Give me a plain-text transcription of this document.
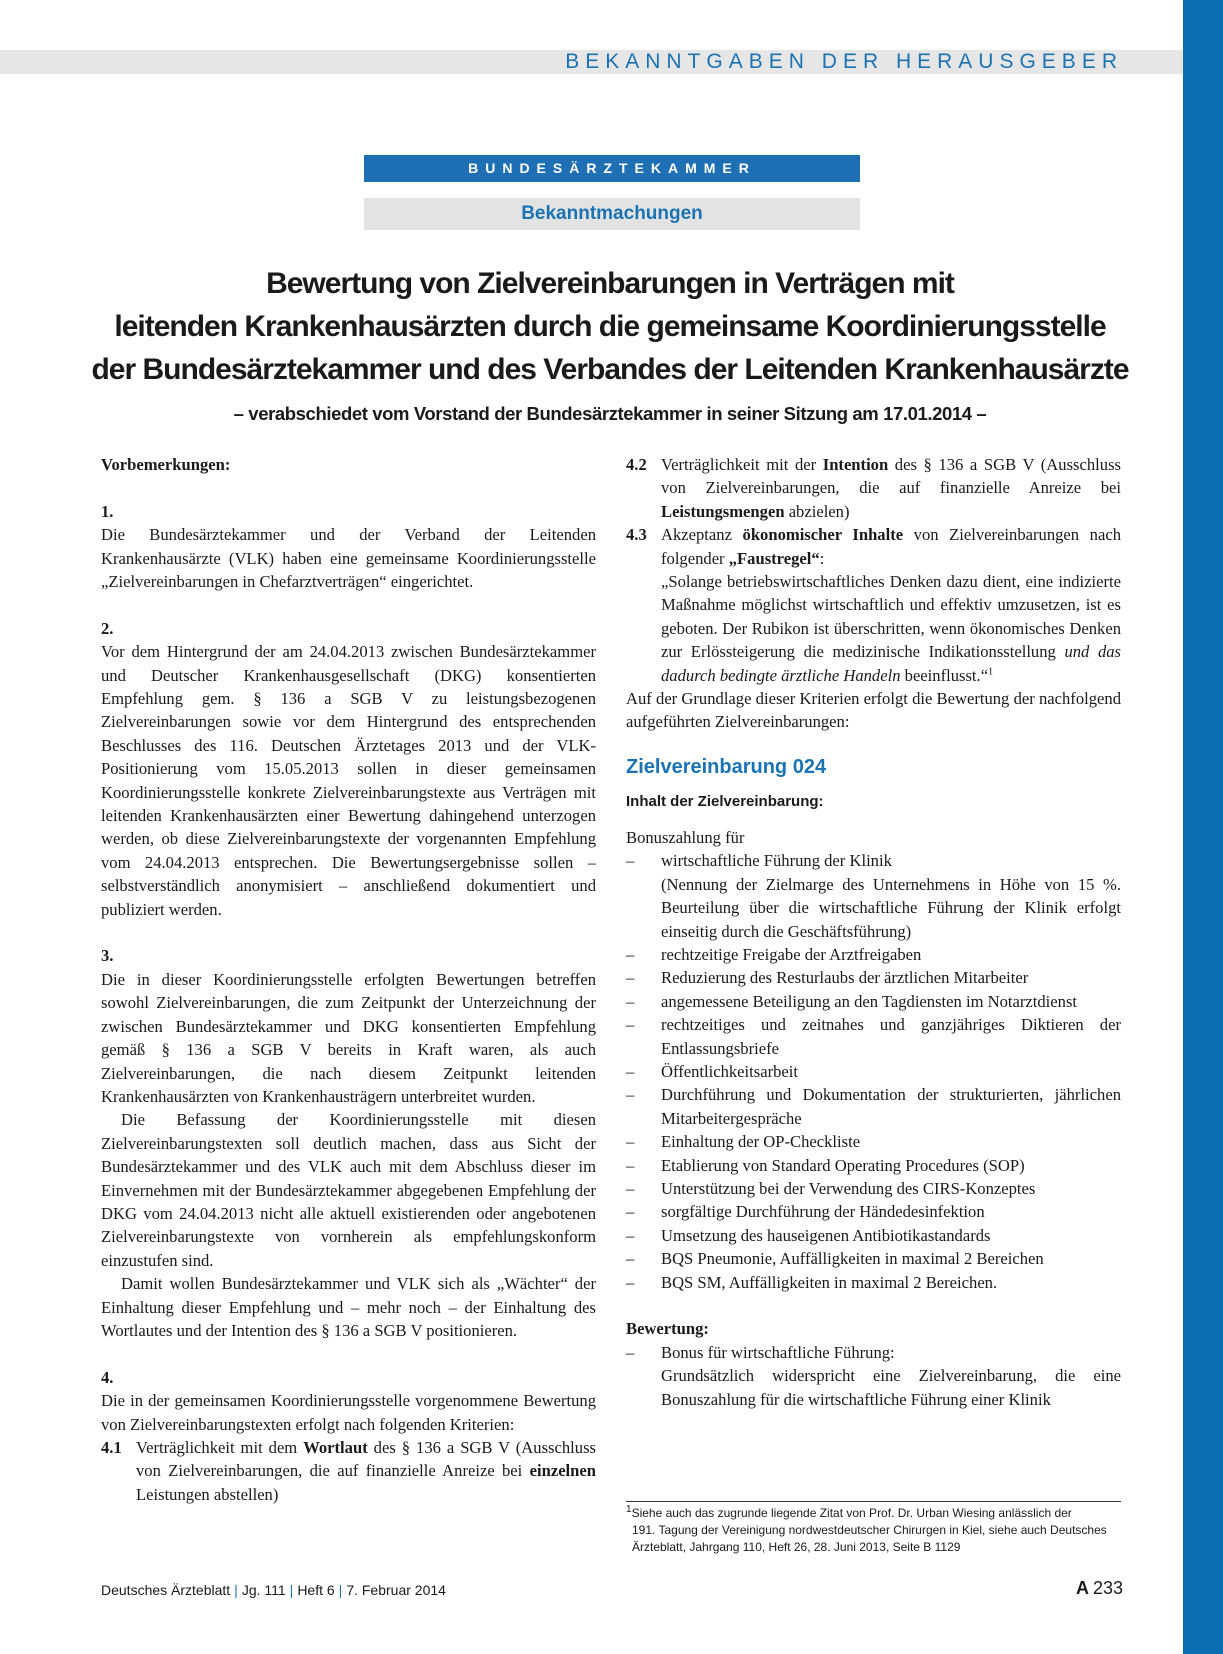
BEKANNTGABEN DER HERAUSGEBER
BUNDESÄRZTEKAMMER
Bekanntmachungen
Bewertung von Zielvereinbarungen in Verträgen mit
leitenden Krankenhausärzten durch die gemeinsame Koordinierungsstelle
der Bundesärztekammer und des Verbandes der Leitenden Krankenhausärzte
– verabschiedet vom Vorstand der Bundesärztekammer in seiner Sitzung am 17.01.2014 –

Vorbemerkungen:

1.

Die Bundesärztekammer und der Verband der Leitenden Krankenhausärzte (VLK) haben eine gemeinsame Koordinierungsstelle „Zielvereinbarungen in Chefarztverträgen“ eingerichtet.

2.

Vor dem Hintergrund der am 24.04.2013 zwischen Bundesärztekammer und Deutscher Krankenhausgesellschaft (DKG) konsentierten Empfehlung gem. § 136 a SGB V zu leistungsbezogenen Zielvereinbarungen sowie vor dem Hintergrund des entsprechenden Beschlusses des 116. Deutschen Ärztetages 2013 und der VLK-Positionierung vom 15.05.2013 sollen in dieser gemeinsamen Koordinierungsstelle konkrete Zielvereinbarungstexte aus Verträgen mit leitenden Krankenhausärzten einer Bewertung dahingehend unterzogen werden, ob diese Zielvereinbarungstexte der vorgenannten Empfehlung vom 24.04.2013 entsprechen. Die Bewertungsergebnisse sollen – selbstverständlich anonymisiert – anschließend dokumentiert und publiziert werden.

3.

Die in dieser Koordinierungsstelle erfolgten Bewertungen betreffen sowohl Zielvereinbarungen, die zum Zeitpunkt der Unterzeichnung der zwischen Bundesärztekammer und DKG konsentierten Empfehlung gemäß § 136 a SGB V bereits in Kraft waren, als auch Zielvereinbarungen, die nach diesem Zeitpunkt leitenden Krankenhausärzten von Krankenhausträgern unterbreitet wurden.

Die Befassung der Koordinierungsstelle mit diesen Zielvereinbarungstexten soll deutlich machen, dass aus Sicht der Bundesärztekammer und des VLK auch mit dem Abschluss dieser im Einvernehmen mit der Bundesärztekammer abgegebenen Empfehlung der DKG vom 24.04.2013 nicht alle aktuell existierenden oder angebotenen Zielvereinbarungstexte von vornherein als empfehlungskonform einzustufen sind.

Damit wollen Bundesärztekammer und VLK sich als „Wächter“ der Einhaltung dieser Empfehlung und – mehr noch – der Einhaltung des Wortlautes und der Intention des § 136 a SGB V positionieren.

4.

Die in der gemeinsamen Koordinierungsstelle vorgenommene Bewertung von Zielvereinbarungstexten erfolgt nach folgenden Kriterien:

4.1 Verträglichkeit mit dem Wortlaut des § 136 a SGB V (Ausschluss von Zielvereinbarungen, die auf finanzielle Anreize bei einzelnen Leistungen abstellen)
4.2 Verträglichkeit mit der Intention des § 136 a SGB V (Ausschluss von Zielvereinbarungen, die auf finanzielle Anreize bei Leistungsmengen abzielen)
4.3 Akzeptanz ökonomischer Inhalte von Zielvereinbarungen nach folgender „Faustregel“:
„Solange betriebswirtschaftliches Denken dazu dient, eine indizierte Maßnahme möglichst wirtschaftlich und effektiv umzusetzen, ist es geboten. Der Rubikon ist überschritten, wenn ökonomisches Denken zur Erlössteigerung die medizinische Indikationsstellung und das dadurch bedingte ärztliche Handeln beeinflusst.“$^1$

Auf der Grundlage dieser Kriterien erfolgt die Bewertung der nachfolgend aufgeführten Zielvereinbarungen:

Zielvereinbarung 024
Inhalt der Zielvereinbarung:

Bonuszahlung für

– wirtschaftliche Führung der Klinik
(Nennung der Zielmarge des Unternehmens in Höhe von 15 %. Beurteilung über die wirtschaftliche Führung der Klinik erfolgt einseitig durch die Geschäftsführung)
– rechtzeitige Freigabe der Arztfreigaben
– Reduzierung des Resturlaubs der ärztlichen Mitarbeiter
– angemessene Beteiligung an den Tagdiensten im Notarztdienst
– rechtzeitiges und zeitnahes und ganzjähriges Diktieren der Entlassungsbriefe
– Öffentlichkeitsarbeit
– Durchführung und Dokumentation der strukturierten, jährlichen Mitarbeitergespräche
– Einhaltung der OP-Checkliste
– Etablierung von Standard Operating Procedures (SOP)
– Unterstützung bei der Verwendung des CIRS-Konzeptes
– sorgfältige Durchführung der Händedesinfektion
– Umsetzung des hauseigenen Antibiotikastandards
– BQS Pneumonie, Auffälligkeiten in maximal 2 Bereichen
– BQS SM, Auffälligkeiten in maximal 2 Bereichen.

Bewertung:

– Bonus für wirtschaftliche Führung:
Grundsätzlich widerspricht eine Zielvereinbarung, die eine Bonuszahlung für die wirtschaftliche Führung einer Klinik
$^1$Siehe auch das zugrunde liegende Zitat von Prof. Dr. Urban Wiesing anlässlich der
191. Tagung der Vereinigung nordwestdeutscher Chirurgen in Kiel, siehe auch Deutsches
Ärzteblatt, Jahrgang 110, Heft 26, 28. Juni 2013, Seite B 1129
Deutsches Ärzteblatt | Jg. 111 | Heft 6 | 7. Februar 2014	A 233
